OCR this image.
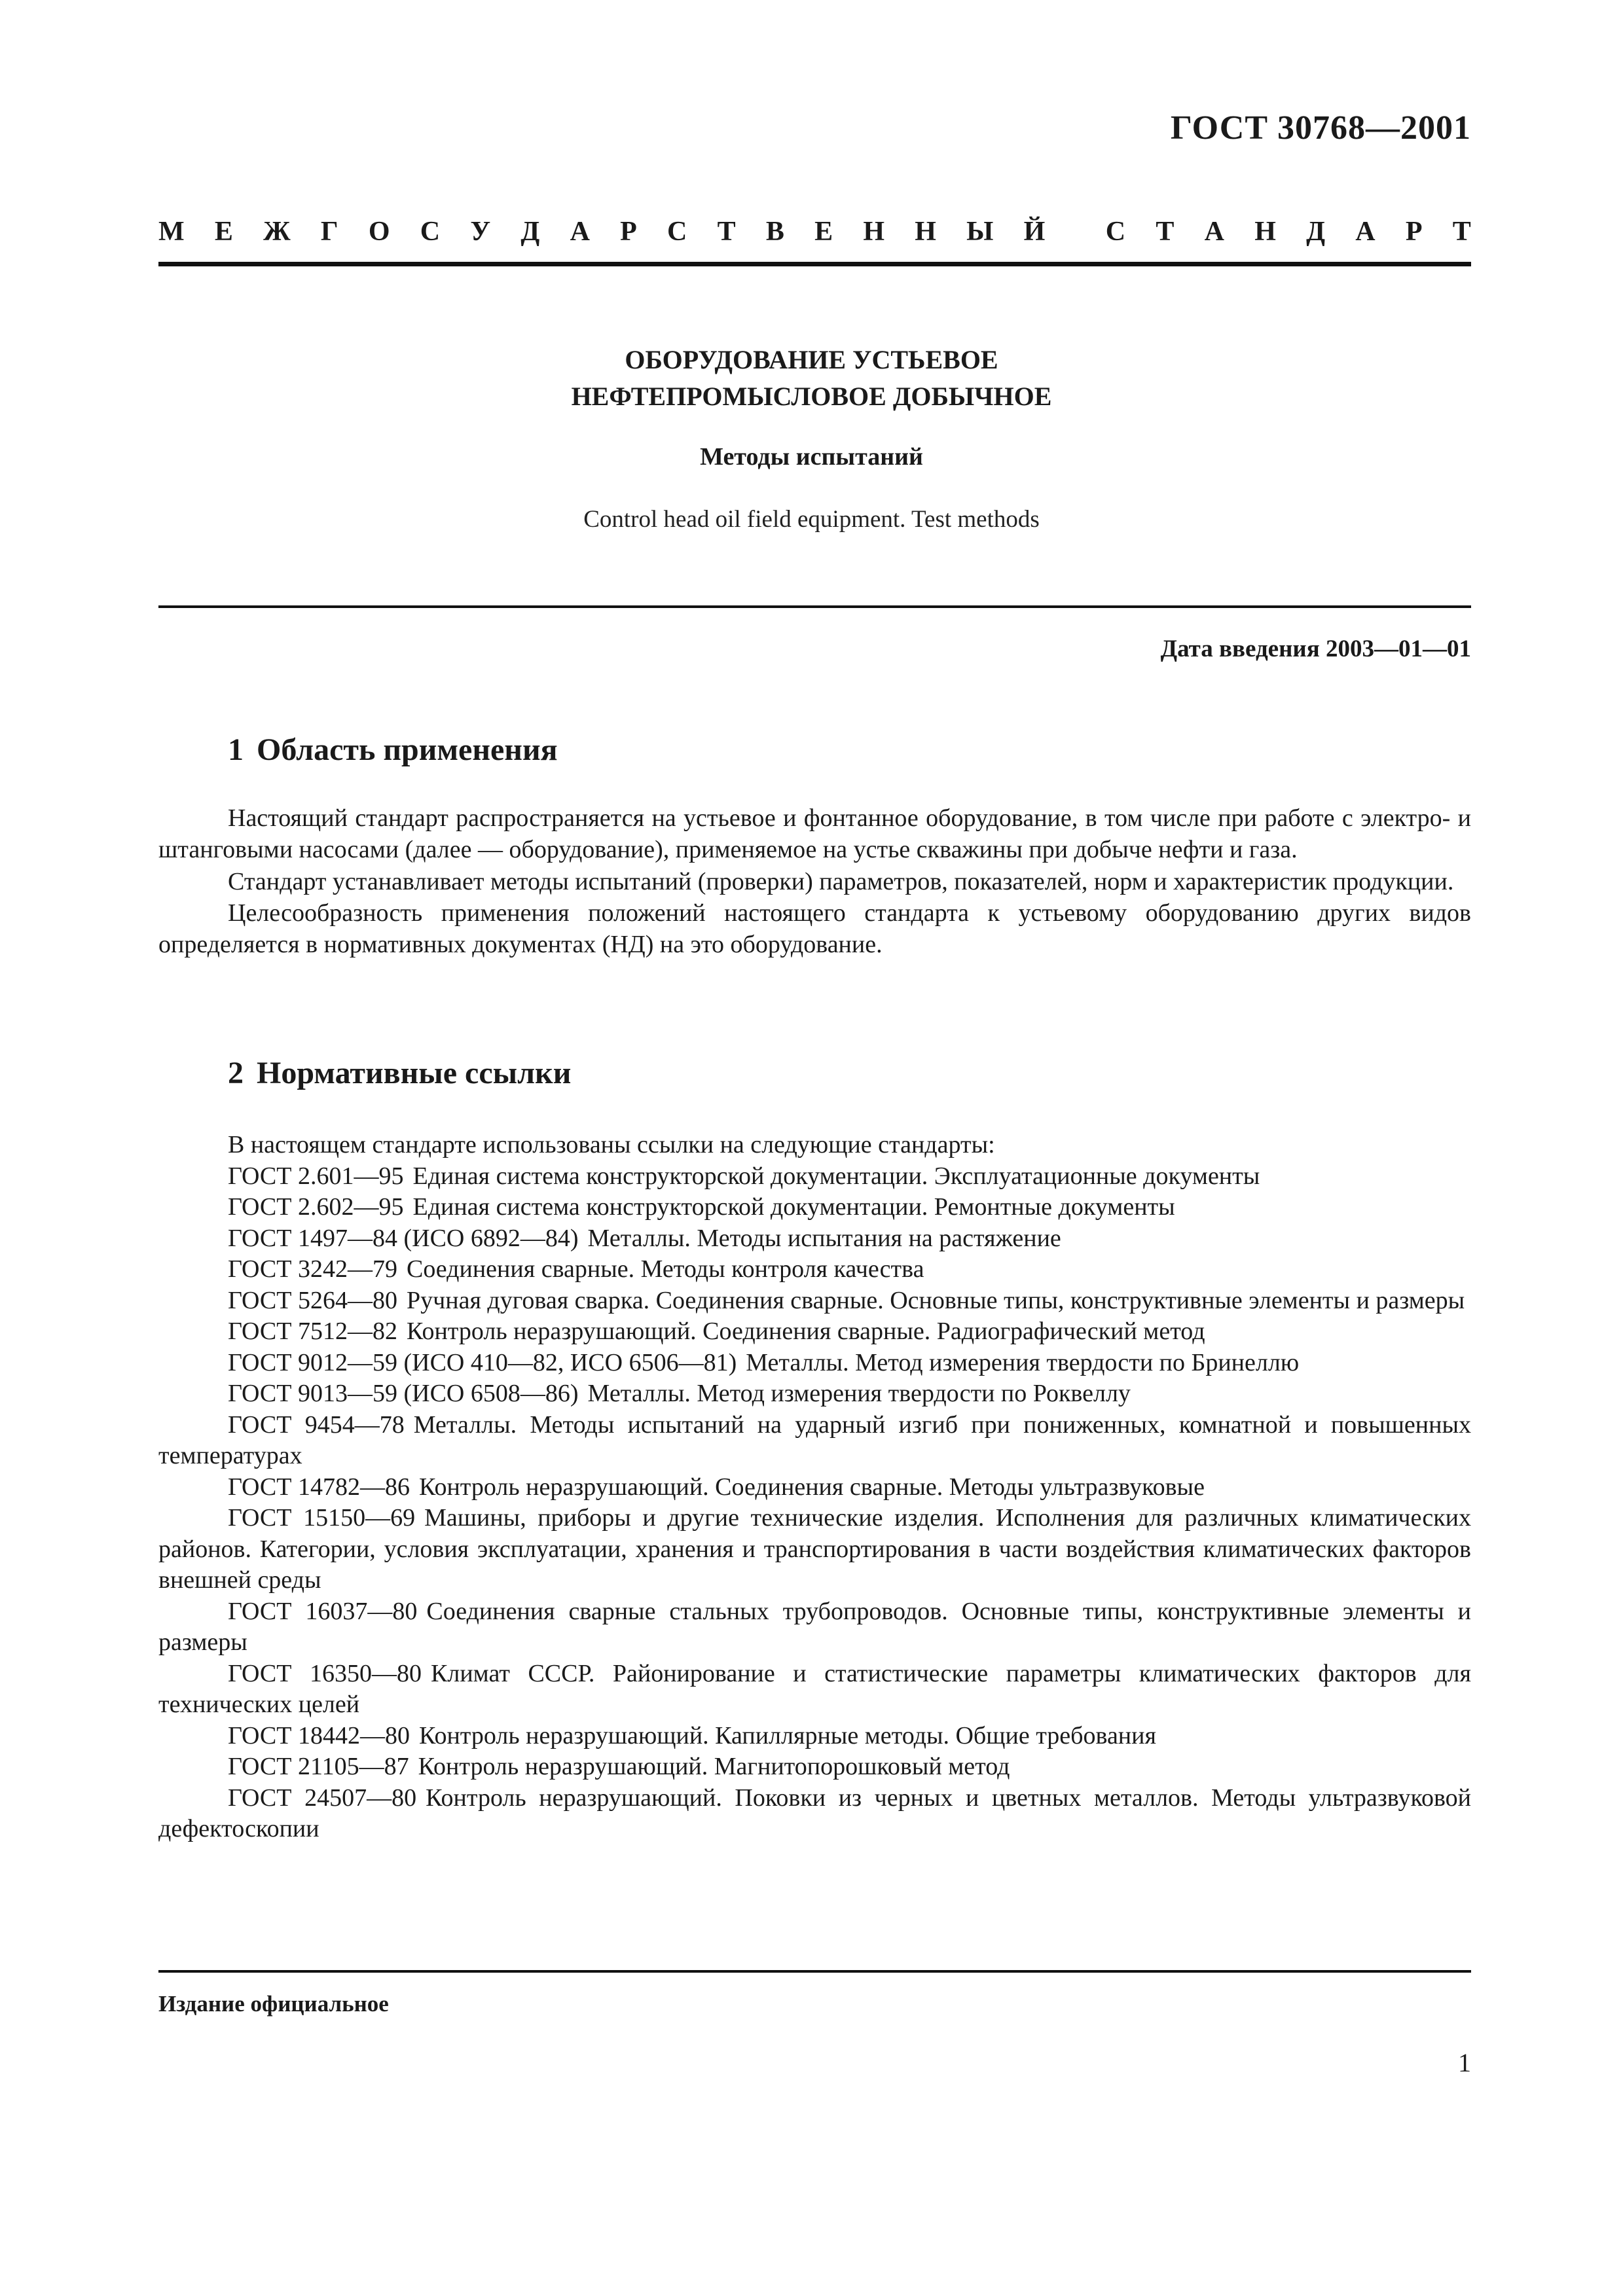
ГОСТ 30768—2001
М Е Ж Г О С У Д А Р С Т В Е Н Н Ы Й С Т А Н Д А Р Т
ОБОРУДОВАНИЕ УСТЬЕВОЕ
НЕФТЕПРОМЫСЛОВОЕ ДОБЫЧНОЕ
Методы испытаний
Control head oil field equipment. Test methods
Дата введения 2003—01—01
1 Область применения

Настоящий стандарт распространяется на устьевое и фонтанное оборудование, в том числе при работе с электро- и штанговыми насосами (далее — оборудование), применяемое на устье скважины при добыче нефти и газа.

Стандарт устанавливает методы испытаний (проверки) параметров, показателей, норм и характеристик продукции.

Целесообразность применения положений настоящего стандарта к устьевому оборудованию других видов определяется в нормативных документах (НД) на это оборудование.

2 Нормативные ссылки

В настоящем стандарте использованы ссылки на следующие стандарты:

ГОСТ 2.601—95 Единая система конструкторской документации. Эксплуатационные документы

ГОСТ 2.602—95 Единая система конструкторской документации. Ремонтные документы

ГОСТ 1497—84 (ИСО 6892—84) Металлы. Методы испытания на растяжение

ГОСТ 3242—79 Соединения сварные. Методы контроля качества

ГОСТ 5264—80 Ручная дуговая сварка. Соединения сварные. Основные типы, конструктивные элементы и размеры

ГОСТ 7512—82 Контроль неразрушающий. Соединения сварные. Радиографический метод

ГОСТ 9012—59 (ИСО 410—82, ИСО 6506—81) Металлы. Метод измерения твердости по Бринеллю

ГОСТ 9013—59 (ИСО 6508—86) Металлы. Метод измерения твердости по Роквеллу

ГОСТ 9454—78 Металлы. Методы испытаний на ударный изгиб при пониженных, комнатной и повышенных температурах

ГОСТ 14782—86 Контроль неразрушающий. Соединения сварные. Методы ультразвуковые

ГОСТ 15150—69 Машины, приборы и другие технические изделия. Исполнения для различных климатических районов. Категории, условия эксплуатации, хранения и транспортирования в части воздействия климатических факторов внешней среды

ГОСТ 16037—80 Соединения сварные стальных трубопроводов. Основные типы, конструктивные элементы и размеры

ГОСТ 16350—80 Климат СССР. Районирование и статистические параметры климатических факторов для технических целей

ГОСТ 18442—80 Контроль неразрушающий. Капиллярные методы. Общие требования

ГОСТ 21105—87 Контроль неразрушающий. Магнитопорошковый метод

ГОСТ 24507—80 Контроль неразрушающий. Поковки из черных и цветных металлов. Методы ультразвуковой дефектоскопии

Издание официальное
1
